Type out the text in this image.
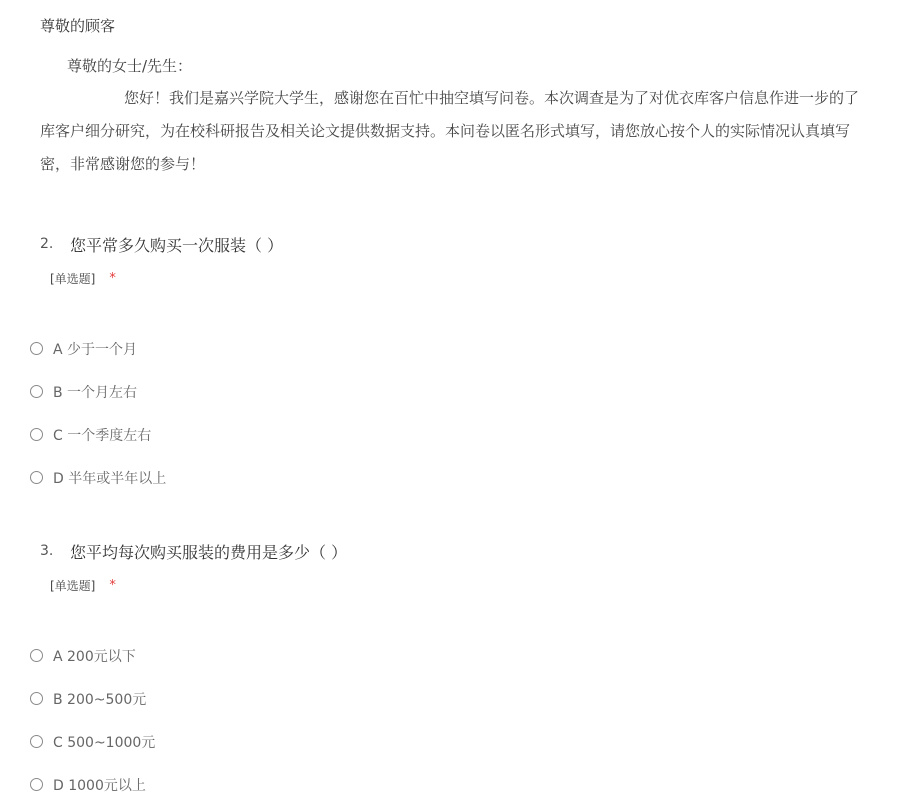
尊敬的顾客
尊敬的女士/先生：
您好！我们是嘉兴学院大学生，感谢您在百忙中抽空填写问卷。本次调查是为了对优衣库客户信息作进一步的了
库客户细分研究，为在校科研报告及相关论文提供数据支持。本问卷以匿名形式填写，请您放心按个人的实际情况认真填写
密，非常感谢您的参与！
2.	您平常多久购买一次服装（ ）
[单选题] *
A 少于一个月
B 一个月左右
C 一个季度左右
D 半年或半年以上
3.	您平均每次购买服装的费用是多少（ ）
[单选题] *
A 200元以下
B 200~500元
C 500~1000元
D 1000元以上
